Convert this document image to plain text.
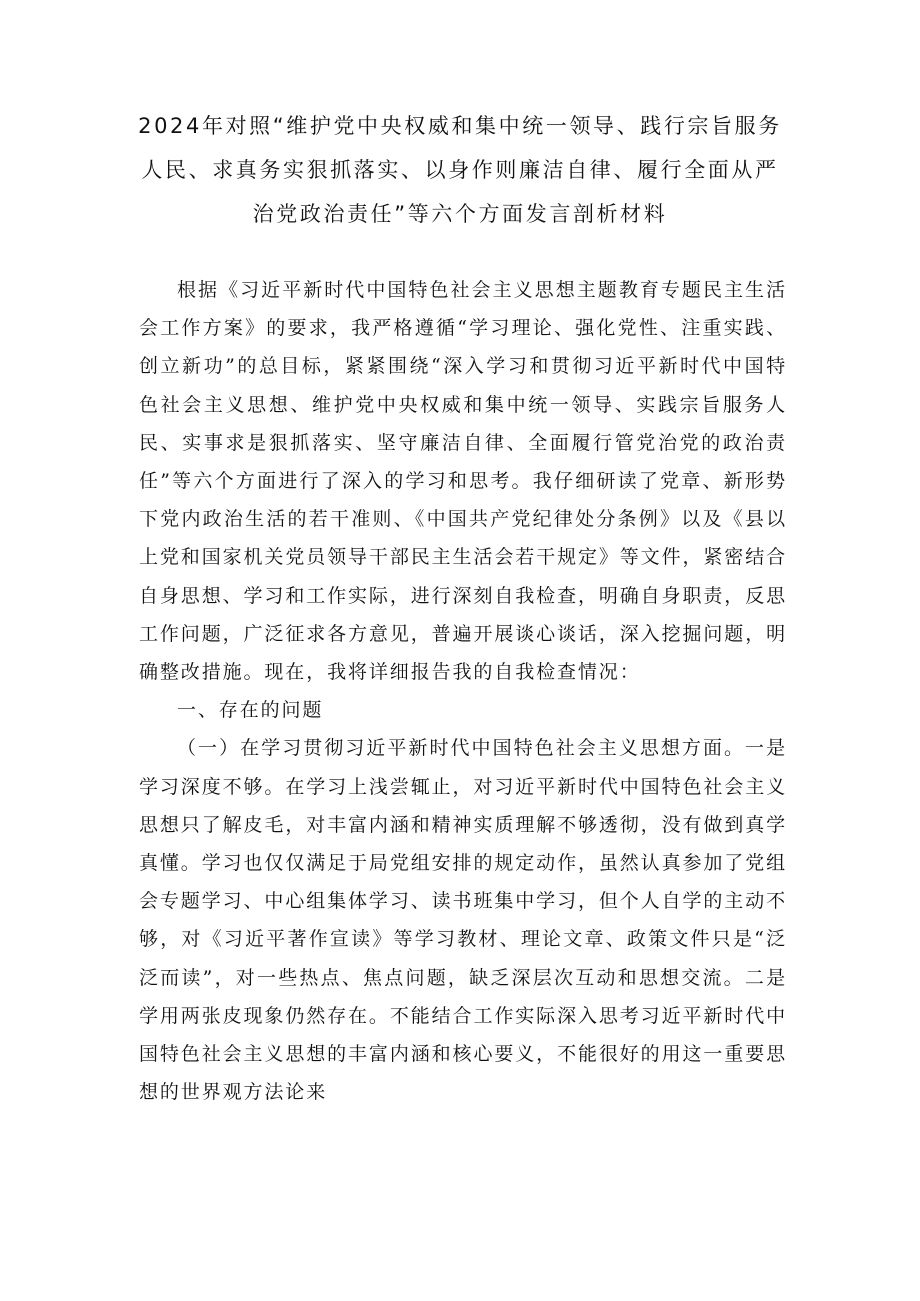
2024年对照“维护党中央权威和集中统一领导、践行宗旨服务人民、求真务实狠抓落实、以身作则廉洁自律、履行全面从严治党政治责任”等六个方面发言剖析材料

根据《习近平新时代中国特色社会主义思想主题教育专题民主生活会工作方案》的要求，我严格遵循“学习理论、强化党性、注重实践、创立新功”的总目标，紧紧围绕“深入学习和贯彻习近平新时代中国特色社会主义思想、维护党中央权威和集中统一领导、实践宗旨服务人民、实事求是狠抓落实、坚守廉洁自律、全面履行管党治党的政治责任”等六个方面进行了深入的学习和思考。我仔细研读了党章、新形势下党内政治生活的若干准则、《中国共产党纪律处分条例》以及《县以上党和国家机关党员领导干部民主生活会若干规定》等文件，紧密结合自身思想、学习和工作实际，进行深刻自我检查，明确自身职责，反思工作问题，广泛征求各方意见，普遍开展谈心谈话，深入挖掘问题，明确整改措施。现在，我将详细报告我的自我检查情况：

一、存在的问题

（一）在学习贯彻习近平新时代中国特色社会主义思想方面。一是学习深度不够。在学习上浅尝辄止，对习近平新时代中国特色社会主义思想只了解皮毛，对丰富内涵和精神实质理解不够透彻，没有做到真学真懂。学习也仅仅满足于局党组安排的规定动作，虽然认真参加了党组会专题学习、中心组集体学习、读书班集中学习，但个人自学的主动不够，对《习近平著作宣读》等学习教材、理论文章、政策文件只是“泛泛而读”，对一些热点、焦点问题，缺乏深层次互动和思想交流。二是学用两张皮现象仍然存在。不能结合工作实际深入思考习近平新时代中国特色社会主义思想的丰富内涵和核心要义，不能很好的用这一重要思想的世界观方法论来
